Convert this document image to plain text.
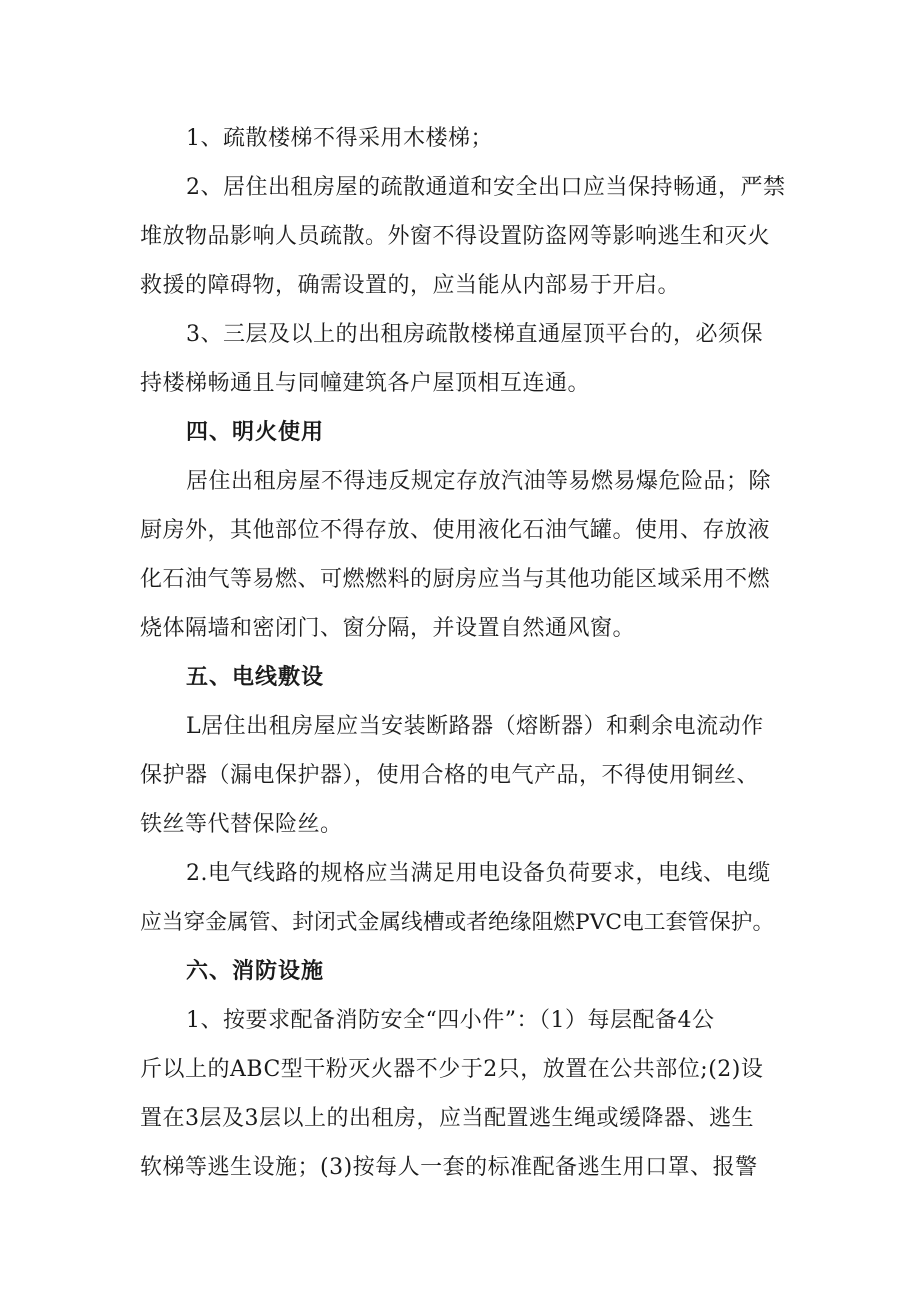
1、疏散楼梯不得采用木楼梯；
2、居住出租房屋的疏散通道和安全出口应当保持畅通，严禁
堆放物品影响人员疏散。外窗不得设置防盗网等影响逃生和灭火
救援的障碍物，确需设置的，应当能从内部易于开启。
3、三层及以上的出租房疏散楼梯直通屋顶平台的，必须保
持楼梯畅通且与同幢建筑各户屋顶相互连通。
四、明火使用
居住出租房屋不得违反规定存放汽油等易燃易爆危险品；除
厨房外，其他部位不得存放、使用液化石油气罐。使用、存放液
化石油气等易燃、可燃燃料的厨房应当与其他功能区域采用不燃
烧体隔墙和密闭门、窗分隔，并设置自然通风窗。
五、电线敷设
L居住出租房屋应当安装断路器（熔断器）和剩余电流动作
保护器（漏电保护器），使用合格的电气产品，不得使用铜丝、
铁丝等代替保险丝。
2.电气线路的规格应当满足用电设备负荷要求，电线、电缆
应当穿金属管、封闭式金属线槽或者绝缘阻燃PVC电工套管保护。
六、消防设施
1、按要求配备消防安全“四小件”：（1）每层配备4公
斤以上的ABC型干粉灭火器不少于2只，放置在公共部位;(2)设
置在3层及3层以上的出租房，应当配置逃生绳或缓降器、逃生
软梯等逃生设施；(3)按每人一套的标准配备逃生用口罩、报警
